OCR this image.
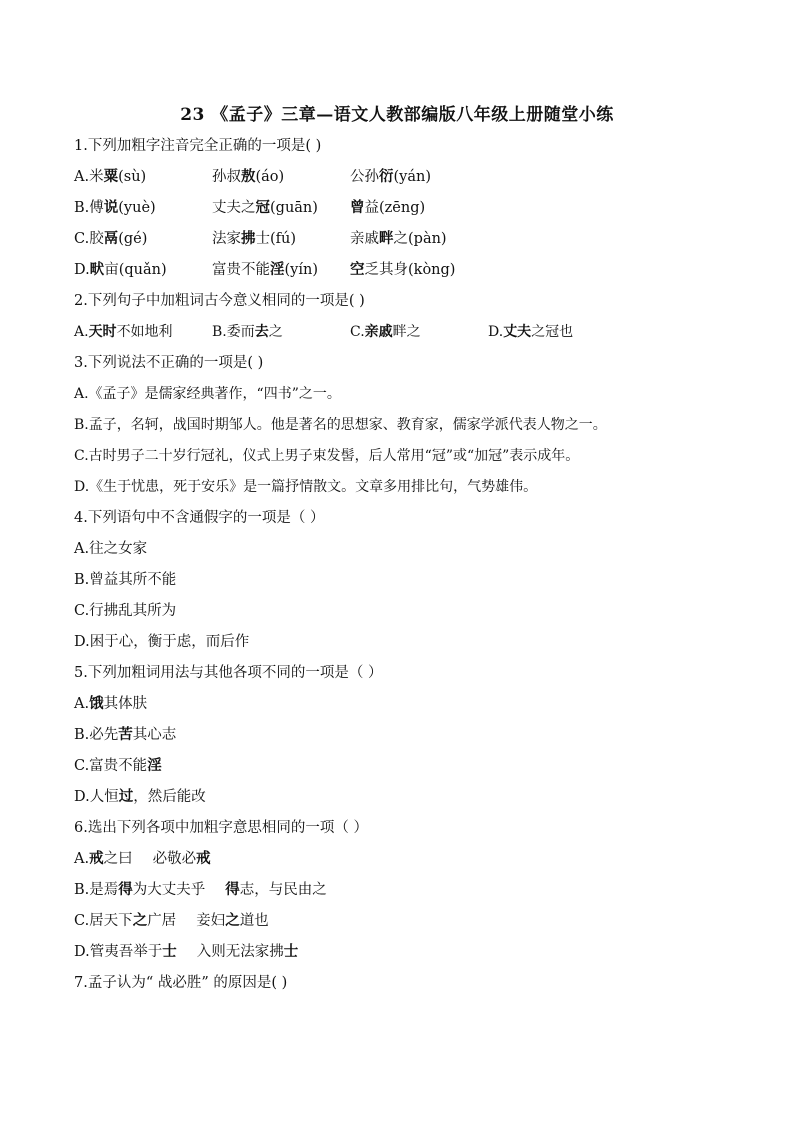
23 《孟子》三章—语文人教部编版八年级上册随堂小练
1.下列加粗字注音完全正确的一项是( )
A.米粟(sù)	孙叔敖(áo)	公孙衍(yán)
B.傅说(yuè)	丈夫之冠(guān) 曾益(zēng)
C.胶鬲(gé)	法家拂士(fú)	亲戚畔之(pàn)
D.畎亩(quǎn)	富贵不能淫(yín) 空乏其身(kòng)
2.下列句子中加粗词古今意义相同的一项是( )
A.天时不如地利	B.委而去之	C.亲戚畔之	D.丈夫之冠也
3.下列说法不正确的一项是( )
A.《孟子》是儒家经典著作，“四书”之一。
B.孟子，名轲，战国时期邹人。他是著名的思想家、教育家，儒家学派代表人物之一。
C.古时男子二十岁行冠礼，仪式上男子束发髻，后人常用“冠”或“加冠”表示成年。
D.《生于忧患，死于安乐》是一篇抒情散文。文章多用排比句，气势雄伟。
4.下列语句中不含通假字的一项是（ ）
A.往之女家
B.曾益其所不能
C.行拂乱其所为
D.困于心，衡于虑，而后作
5.下列加粗词用法与其他各项不同的一项是（ ）
A.饿其体肤
B.必先苦其心志
C.富贵不能淫
D.人恒过，然后能改
6.选出下列各项中加粗字意思相同的一项（ ）
A.戒之曰 必敬必戒
B.是焉得为大丈夫乎 得志，与民由之
C.居天下之广居 妾妇之道也
D.管夷吾举于士 入则无法家拂士
7.孟子认为“ 战必胜” 的原因是( )
